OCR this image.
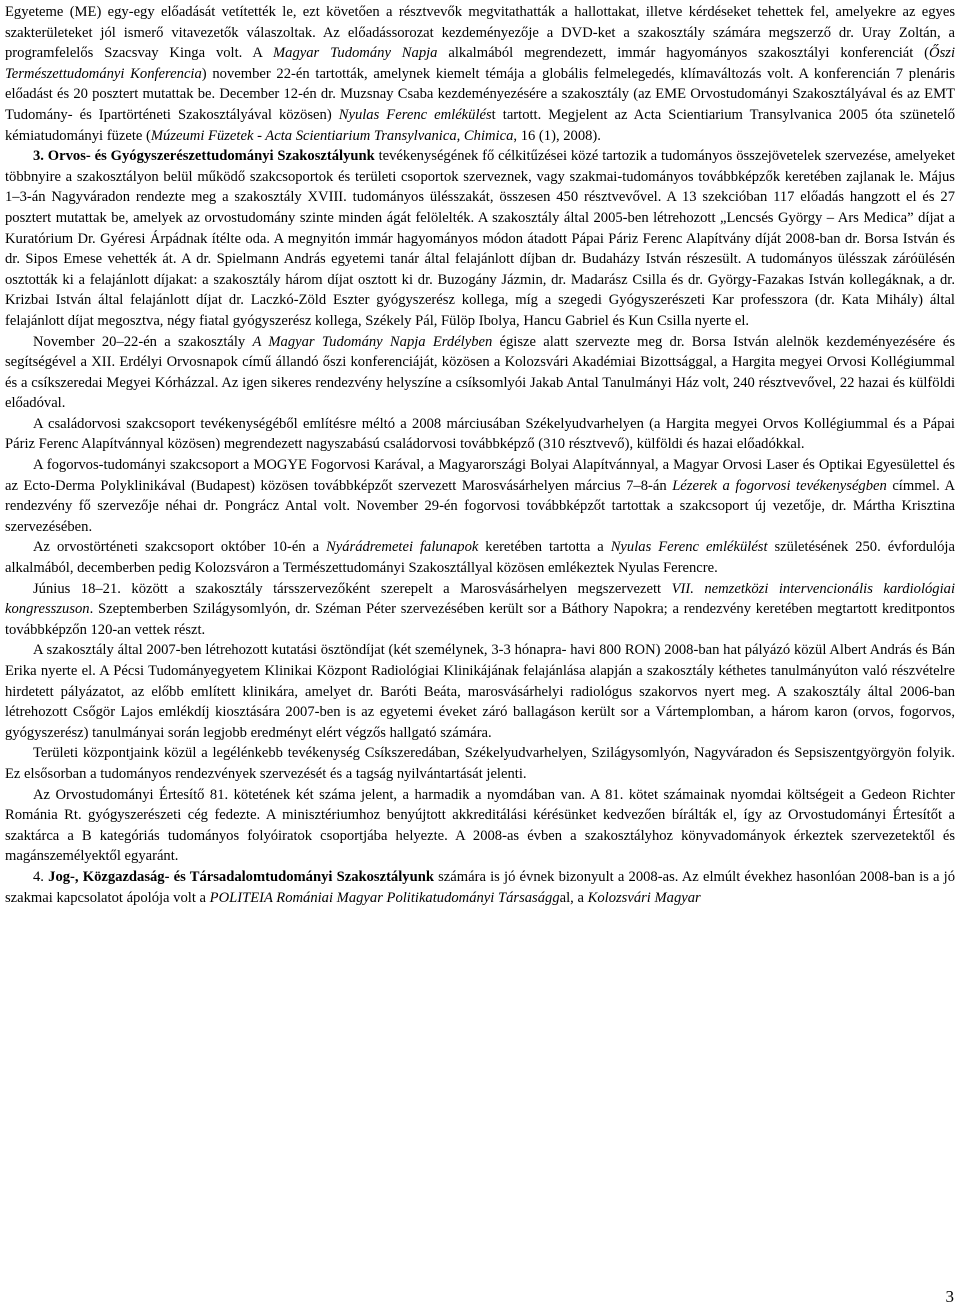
Egyeteme (ME) egy-egy előadását vetítették le, ezt követően a résztvevők megvitathatták a hallottakat, illetve kérdéseket tehettek fel, amelyekre az egyes szakterületeket jól ismerő vitavezetők válaszoltak. Az előadássorozat kezdeményezője a DVD-ket a szakosztály számára megszerző dr. Uray Zoltán, a programfelelős Szacsvay Kinga volt. A Magyar Tudomány Napja alkalmából megrendezett, immár hagyományos szakosztályi konferenciát (Őszi Természettudományi Konferencia) november 22-én tartották, amelynek kiemelt témája a globális felmelegedés, klímaváltozás volt. A konferencián 7 plenáris előadást és 20 posztert mutattak be. December 12-én dr. Muzsnay Csaba kezdeményezésére a szakosztály (az EME Orvostudományi Szakosztályával és az EMT Tudomány- és Ipartörténeti Szakosztályával közösen) Nyulas Ferenc emlékülést tartott. Megjelent az Acta Scientiarium Transylvanica 2005 óta szünetelő kémiatudományi füzete (Múzeumi Füzetek - Acta Scientiarium Transylvanica, Chimica, 16 (1), 2008).

3. Orvos- és Gyógyszerészettudományi Szakosztályunk tevékenységének fő célkitűzései közé tartozik a tudományos összejövetelek szervezése, amelyeket többnyire a szakosztályon belül működő szakcsoportok és területi csoportok szerveznek, vagy szakmai-tudományos továbbképzők keretében zajlanak le. Május 1–3-án Nagyváradon rendezte meg a szakosztály XVIII. tudományos ülésszakát, összesen 450 résztvevővel. A 13 szekcióban 117 előadás hangzott el és 27 posztert mutattak be, amelyek az orvostudomány szinte minden ágát felölelték. A szakosztály által 2005-ben létrehozott „Lencsés György – Ars Medica” díjat a Kuratórium Dr. Gyéresi Árpádnak ítélte oda. A megnyitón immár hagyományos módon átadott Pápai Páriz Ferenc Alapítvány díját 2008-ban dr. Borsa István és dr. Sipos Emese vehették át. A dr. Spielmann András egyetemi tanár által felajánlott díjban dr. Budaházy István részesült. A tudományos ülésszak záróülésén osztották ki a felajánlott díjakat: a szakosztály három díjat osztott ki dr. Buzogány Jázmin, dr. Madarász Csilla és dr. György-Fazakas István kollegáknak, a dr. Krizbai István által felajánlott díjat dr. Laczkó-Zöld Eszter gyógyszerész kollega, míg a szegedi Gyógyszerészeti Kar professzora (dr. Kata Mihály) által felajánlott díjat megosztva, négy fiatal gyógyszerész kollega, Székely Pál, Fülöp Ibolya, Hancu Gabriel és Kun Csilla nyerte el.

November 20–22-én a szakosztály A Magyar Tudomány Napja Erdélyben égisze alatt szervezte meg dr. Borsa István alelnök kezdeményezésére és segítségével a XII. Erdélyi Orvosnapok című állandó őszi konferenciáját, közösen a Kolozsvári Akadémiai Bizottsággal, a Hargita megyei Orvosi Kollégiummal és a csíkszeredai Megyei Kórházzal. Az igen sikeres rendezvény helyszíne a csíksomlyói Jakab Antal Tanulmányi Ház volt, 240 résztvevővel, 22 hazai és külföldi előadóval.

A családorvosi szakcsoport tevékenységéből említésre méltó a 2008 márciusában Székelyudvarhelyen (a Hargita megyei Orvos Kollégiummal és a Pápai Páriz Ferenc Alapítvánnyal közösen) megrendezett nagyszabású családorvosi továbbképző (310 résztvevő), külföldi és hazai előadókkal.

A fogorvos-tudományi szakcsoport a MOGYE Fogorvosi Karával, a Magyarországi Bolyai Alapítvánnyal, a Magyar Orvosi Laser és Optikai Egyesülettel és az Ecto-Derma Polyklinikával (Budapest) közösen továbbképzőt szervezett Marosvásárhelyen március 7–8-án Lézerek a fogorvosi tevékenységben címmel. A rendezvény fő szervezője néhai dr. Pongrácz Antal volt. November 29-én fogorvosi továbbképzőt tartottak a szakcsoport új vezetője, dr. Mártha Krisztina szervezésében.

Az orvostörténeti szakcsoport október 10-én a Nyárádremetei falunapok keretében tartotta a Nyulas Ferenc emlékülést születésének 250. évfordulója alkalmából, decemberben pedig Kolozsváron a Természettudományi Szakosztállyal közösen emlékeztek Nyulas Ferencre.

Június 18–21. között a szakosztály társszervezőként szerepelt a Marosvásárhelyen megszervezett VII. nemzetközi intervencionális kardiológiai kongresszuson. Szeptemberben Szilágysomlyón, dr. Széman Péter szervezésében került sor a Báthory Napokra; a rendezvény keretében megtartott kreditpontos továbbképzőn 120-an vettek részt.

A szakosztály által 2007-ben létrehozott kutatási ösztöndíjat (két személynek, 3-3 hónapra- havi 800 RON) 2008-ban hat pályázó közül Albert András és Bán Erika nyerte el. A Pécsi Tudományegyetem Klinikai Központ Radiológiai Klinikájának felajánlása alapján a szakosztály kéthetes tanulmányúton való részvételre hirdetett pályázatot, az előbb említett klinikára, amelyet dr. Baróti Beáta, marosvásárhelyi radiológus szakorvos nyert meg. A szakosztály által 2006-ban létrehozott Csőgör Lajos emlékdíj kiosztására 2007-ben is az egyetemi éveket záró ballagáson került sor a Vártemplomban, a három karon (orvos, fogorvos, gyógyszerész) tanulmányai során legjobb eredményt elért végzős hallgató számára.

Területi központjaink közül a legélénkebb tevékenység Csíkszeredában, Székelyudvarhelyen, Szilágysomlyón, Nagyváradon és Sepsiszentgyörgyön folyik. Ez elsősorban a tudományos rendezvények szervezését és a tagság nyilvántartását jelenti.

Az Orvostudományi Értesítő 81. kötetének két száma jelent, a harmadik a nyomdában van. A 81. kötet számainak nyomdai költségeit a Gedeon Richter Románia Rt. gyógyszerészeti cég fedezte. A minisztériumhoz benyújtott akkreditálási kérésünket kedvezően bírálták el, így az Orvostudományi Értesítőt a szaktárca a B kategóriás tudományos folyóiratok csoportjába helyezte. A 2008-as évben a szakosztályhoz könyvadományok érkeztek szervezetektől és magánszemélyektől egyaránt.

4. Jog-, Közgazdaság- és Társadalomtudományi Szakosztályunk számára is jó évnek bizonyult a 2008-as. Az elmúlt évekhez hasonlóan 2008-ban is a jó szakmai kapcsolatot ápolója volt a POLITEIA Romániai Magyar Politikatudományi Társasággal, a Kolozsvári Magyar

3
